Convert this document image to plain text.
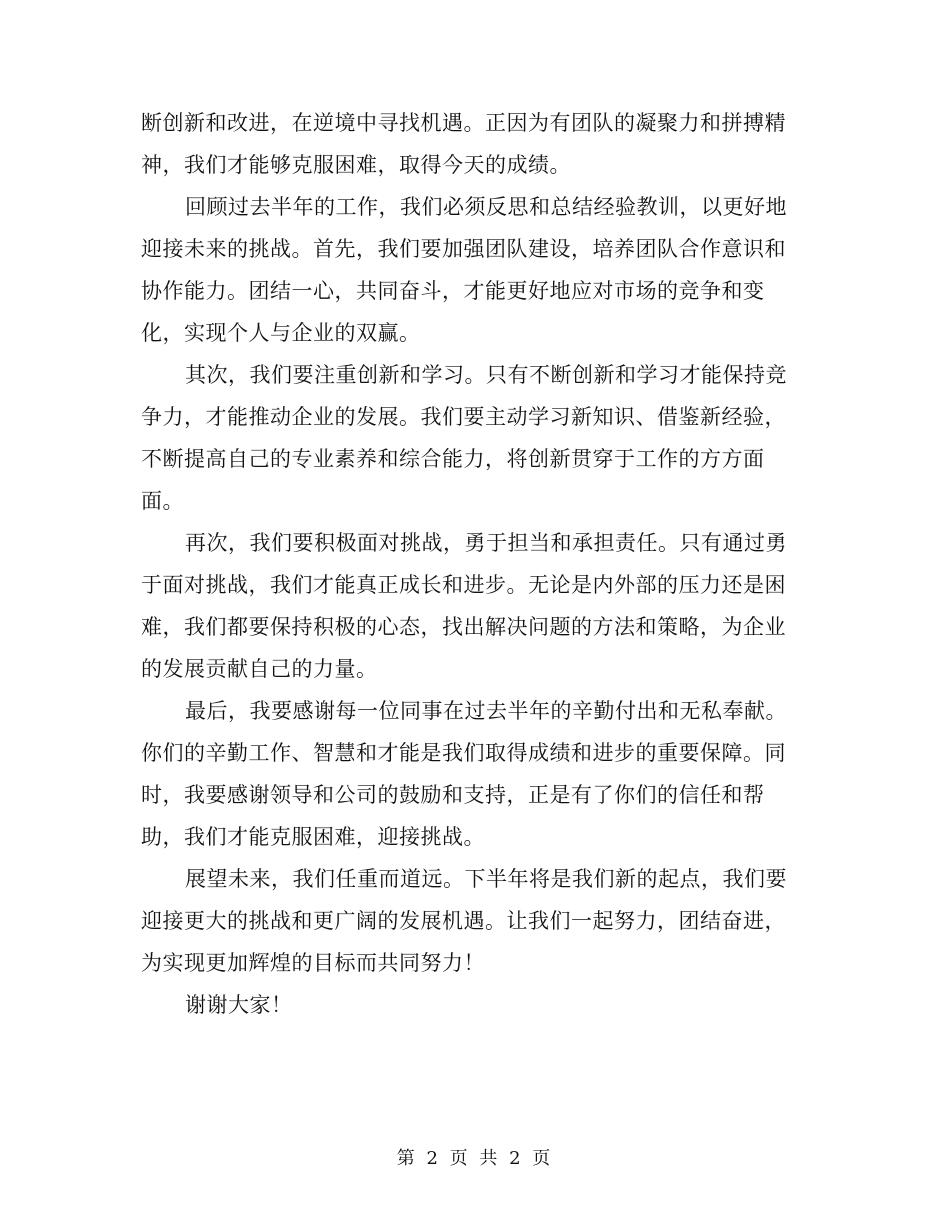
断创新和改进，在逆境中寻找机遇。正因为有团队的凝聚力和拼搏精
神，我们才能够克服困难，取得今天的成绩。
回顾过去半年的工作，我们必须反思和总结经验教训，以更好地
迎接未来的挑战。首先，我们要加强团队建设，培养团队合作意识和
协作能力。团结一心，共同奋斗，才能更好地应对市场的竞争和变
化，实现个人与企业的双赢。
其次，我们要注重创新和学习。只有不断创新和学习才能保持竞
争力，才能推动企业的发展。我们要主动学习新知识、借鉴新经验，
不断提高自己的专业素养和综合能力，将创新贯穿于工作的方方面
面。
再次，我们要积极面对挑战，勇于担当和承担责任。只有通过勇
于面对挑战，我们才能真正成长和进步。无论是内外部的压力还是困
难，我们都要保持积极的心态，找出解决问题的方法和策略，为企业
的发展贡献自己的力量。
最后，我要感谢每一位同事在过去半年的辛勤付出和无私奉献。
你们的辛勤工作、智慧和才能是我们取得成绩和进步的重要保障。同
时，我要感谢领导和公司的鼓励和支持，正是有了你们的信任和帮
助，我们才能克服困难，迎接挑战。
展望未来，我们任重而道远。下半年将是我们新的起点，我们要
迎接更大的挑战和更广阔的发展机遇。让我们一起努力，团结奋进，
为实现更加辉煌的目标而共同努力！
谢谢大家！
第 2 页 共 2 页
